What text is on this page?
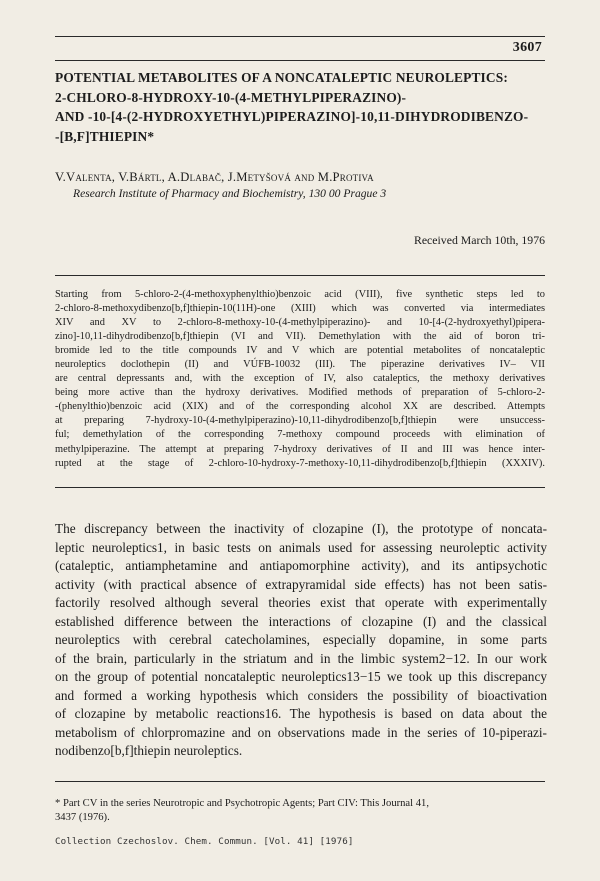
3607
POTENTIAL METABOLITES OF A NONCATALEPTIC NEUROLEPTICS:
2-CHLORO-8-HYDROXY-10-(4-METHYLPIPERAZINO)-
AND -10-[4-(2-HYDROXYETHYL)PIPERAZINO]-10,11-DIHYDRODIBENZO-
-[B,F]THIEPIN*
V.Valenta, V.Bártl, A.Dlabač, J.Metyšová and M.Protiva
Research Institute of Pharmacy and Biochemistry, 130 00 Prague 3
Received March 10th, 1976
Starting from 5-chloro-2-(4-methoxyphenylthio)benzoic acid (VIII), five synthetic steps led to
2-chloro-8-methoxydibenzo[b,f]thiepin-10(11H)-one (XIII) which was converted via intermediates
XIV and XV to 2-chloro-8-methoxy-10-(4-methylpiperazino)- and 10-[4-(2-hydroxyethyl)pipera-
zino]-10,11-dihydrodibenzo[b,f]thiepin (VI and VII). Demethylation with the aid of boron tri-
bromide led to the title compounds IV and V which are potential metabolites of noncataleptic
neuroleptics doclothepin (II) and VÚFB-10032 (III). The piperazine derivatives IV– VII
are central depressants and, with the exception of IV, also cataleptics, the methoxy derivatives
being more active than the hydroxy derivatives. Modified methods of preparation of 5-chloro-2-
-(phenylthio)benzoic acid (XIX) and of the corresponding alcohol XX are described. Attempts
at preparing 7-hydroxy-10-(4-methylpiperazino)-10,11-dihydrodibenzo[b,f]thiepin were unsuccess-
ful; demethylation of the corresponding 7-methoxy compound proceeds with elimination of
methylpiperazine. The attempt at preparing 7-hydroxy derivatives of II and III was hence inter-
rupted at the stage of 2-chloro-10-hydroxy-7-methoxy-10,11-dihydrodibenzo[b,f]thiepin (XXXIV).
The discrepancy between the inactivity of clozapine (I), the prototype of noncata-
leptic neuroleptics1, in basic tests on animals used for assessing neuroleptic activity
(cataleptic, antiamphetamine and antiapomorphine activity), and its antipsychotic
activity (with practical absence of extrapyramidal side effects) has not been satis-
factorily resolved although several theories exist that operate with experimentally
established difference between the interactions of clozapine (I) and the classical
neuroleptics with cerebral catecholamines, especially dopamine, in some parts
of the brain, particularly in the striatum and in the limbic system2−12. In our work
on the group of potential noncataleptic neuroleptics13−15 we took up this discrepancy
and formed a working hypothesis which considers the possibility of bioactivation
of clozapine by metabolic reactions16. The hypothesis is based on data about the
metabolism of chlorpromazine and on observations made in the series of 10-piperazi-
nodibenzo[b,f]thiepin neuroleptics.
* Part CV in the series Neurotropic and Psychotropic Agents; Part CIV: This Journal 41,
3437 (1976).
Collection Czechoslov. Chem. Commun. [Vol. 41] [1976]
